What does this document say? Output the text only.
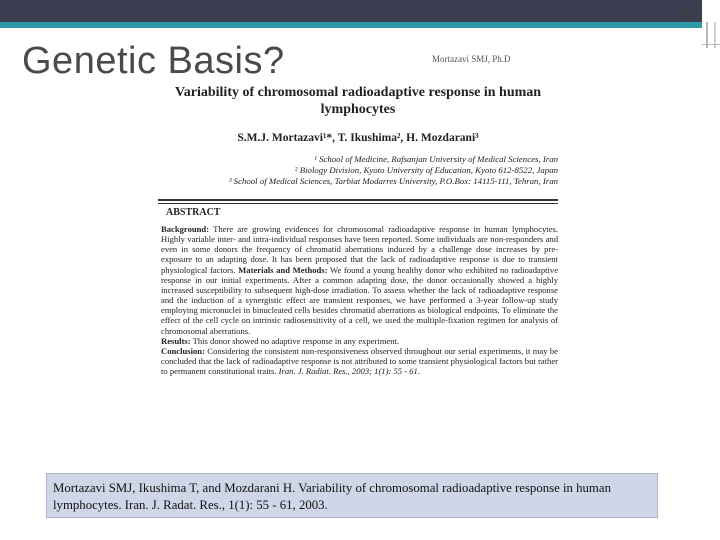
26
Genetic Basis?	Mortazavi SMJ, Ph.D

Variability of chromosomal radioadaptive response in human
lymphocytes

S.M.J. Mortazavi¹*, T. Ikushima², H. Mozdarani³
¹ School of Medicine, Rafsanjan University of Medical Sciences, Iran
² Biology Division, Kyoto University of Education, Kyoto 612-8522, Japan
³ School of Medical Sciences, Tarbiat Modarres University, P.O.Box: 14115-111, Tehran, Iran
ABSTRACT
Background: There are growing evidences for chromosomal radioadaptive response in human lymphocytes. Highly variable inter- and intra-individual responses have been reported. Some individuals are non-responders and even in some donors the frequency of chromatid aberrations induced by a challenge dose increases by pre-exposure to an adapting dose. It has been proposed that the lack of radioadaptive response is due to transient physiological factors. Materials and Methods: We found a young healthy donor who exhibited no radioadaptive response in our initial experiments. After a common adapting dose, the donor occasionally showed a highly increased susceptibility to subsequent high-dose irradiation. To assess whether the lack of radioadaptive response and the induction of a synergistic effect are transient responses, we have performed a 3-year follow-up study employing micronuclei in binucleated cells besides chromatid aberrations as biological endpoints. To eliminate the effect of the cell cycle on intrinsic radiosensitivity of a cell, we used the multiple-fixation regimen for analysis of chromosomal aberrations.
Results: This donor showed no adaptive response in any experiment.
Conclusion: Considering the consistent non-responsiveness observed throughout our serial experiments, it may be concluded that the lack of radioadaptive response is not attributed to some transient physiological factors but rather to permanent constitutional traits. Iran. J. Radiat. Res., 2003; 1(1): 55 - 61.
Mortazavi SMJ, Ikushima T, and Mozdarani H. Variability of chromosomal radioadaptive response in human lymphocytes. Iran. J. Radat. Res., 1(1): 55 - 61, 2003.
